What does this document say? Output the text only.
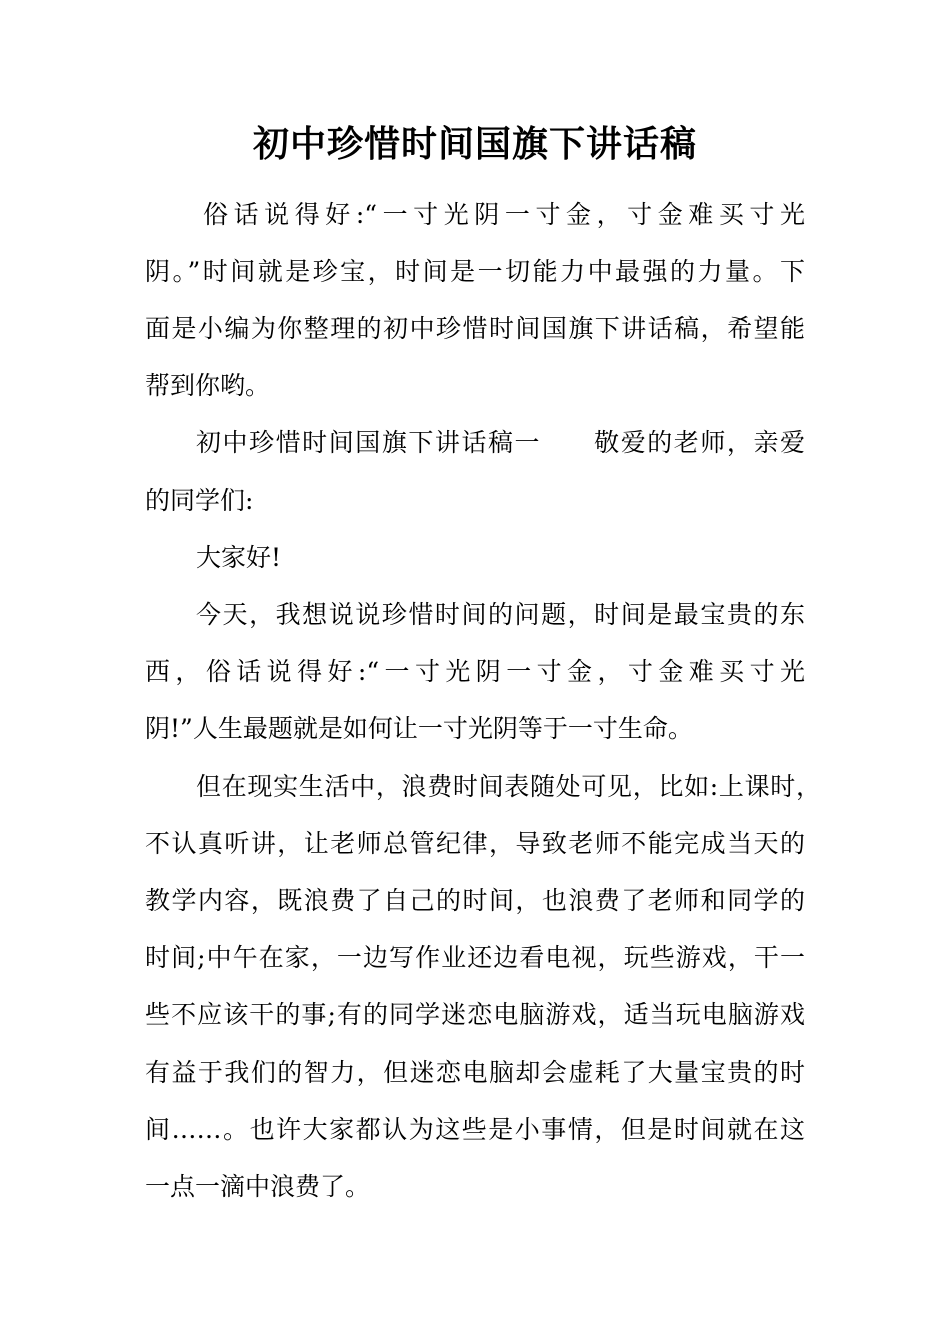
初中珍惜时间国旗下讲话稿
俗话说得好:“一寸光阴一寸金，寸金难买寸光
阴。”时间就是珍宝，时间是一切能力中最强的力量。下
面是小编为你整理的初中珍惜时间国旗下讲话稿，希望能
帮到你哟。
初中珍惜时间国旗下讲话稿一　　敬爱的老师，亲爱
的同学们:
大家好!
今天，我想说说珍惜时间的问题，时间是最宝贵的东
西，俗话说得好:“一寸光阴一寸金，寸金难买寸光
阴!”人生最题就是如何让一寸光阴等于一寸生命。
但在现实生活中，浪费时间表随处可见，比如:上课时，
不认真听讲，让老师总管纪律，导致老师不能完成当天的
教学内容，既浪费了自己的时间，也浪费了老师和同学的
时间;中午在家，一边写作业还边看电视，玩些游戏，干一
些不应该干的事;有的同学迷恋电脑游戏，适当玩电脑游戏
有益于我们的智力，但迷恋电脑却会虚耗了大量宝贵的时
间……。也许大家都认为这些是小事情，但是时间就在这
一点一滴中浪费了。
